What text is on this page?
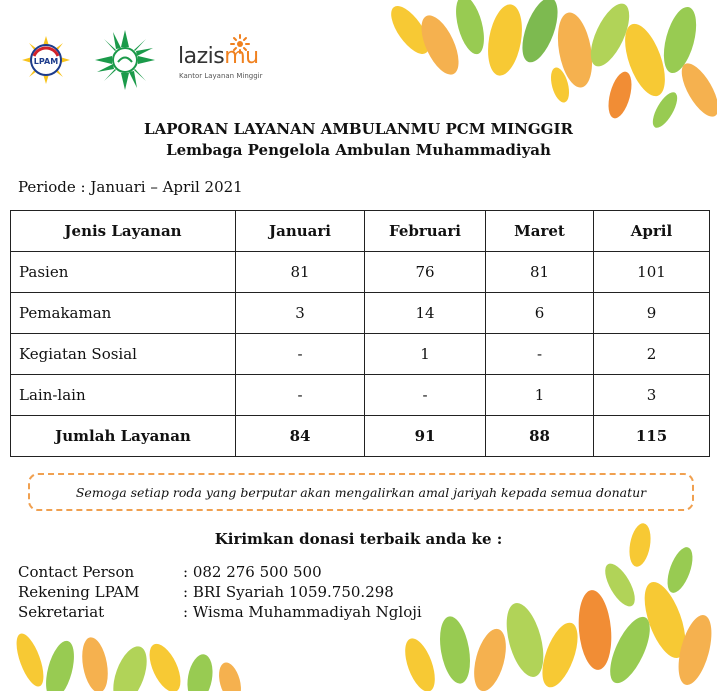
LPAM	lazismu
Kantor Layanan Minggir
LAPORAN LAYANAN AMBULANMU PCM MINGGIR
Lembaga Pengelola Ambulan Muhammadiyah
Periode : Januari – April 2021
Jenis Layanan	Januari	Februari	Maret	April
Pasien	81	76	81	101
Pemakaman	3	14	6	9
Kegiatan Sosial	-	1	-	2
Lain-lain	-	-	1	3
Jumlah Layanan	84	91	88	115
Semoga setiap roda yang berputar akan mengalirkan amal jariyah kepada semua donatur
Kirimkan donasi terbaik anda ke :
Contact Person	: 082 276 500 500
Rekening LPAM	: BRI Syariah 1059.750.298
Sekretariat	: Wisma Muhammadiyah Ngloji
